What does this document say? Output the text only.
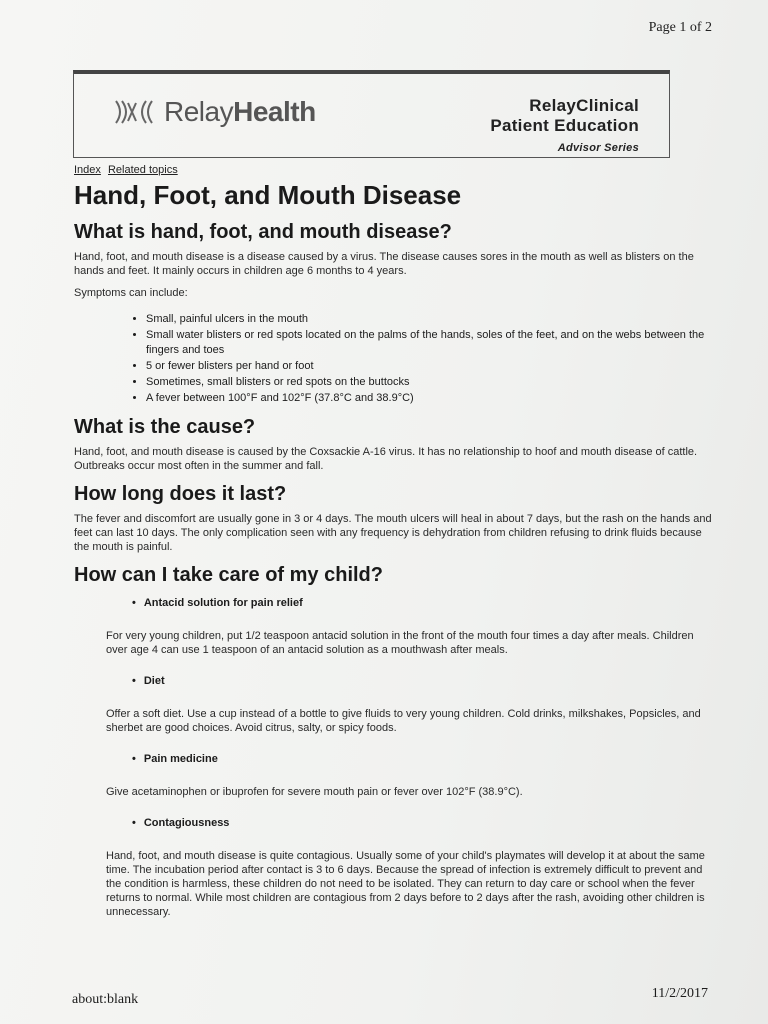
Page 1 of 2
RelayHealth	RelayClinical
Patient Education
Advisor Series
Index Related topics
Hand, Foot, and Mouth Disease
What is hand, foot, and mouth disease?

Hand, foot, and mouth disease is a disease caused by a virus. The disease causes sores in the mouth as well as blisters on the hands and feet. It mainly occurs in children age 6 months to 4 years.

Symptoms can include:

• Small, painful ulcers in the mouth
• Small water blisters or red spots located on the palms of the hands, soles of the feet, and on the webs between the fingers and toes
• 5 or fewer blisters per hand or foot
• Sometimes, small blisters or red spots on the buttocks
• A fever between 100°F and 102°F (37.8°C and 38.9°C)
What is the cause?

Hand, foot, and mouth disease is caused by the Coxsackie A-16 virus. It has no relationship to hoof and mouth disease of cattle. Outbreaks occur most often in the summer and fall.

How long does it last?

The fever and discomfort are usually gone in 3 or 4 days. The mouth ulcers will heal in about 7 days, but the rash on the hands and feet can last 10 days. The only complication seen with any frequency is dehydration from children refusing to drink fluids because the mouth is painful.

How can I take care of my child?
• Antacid solution for pain relief

For very young children, put 1/2 teaspoon antacid solution in the front of the mouth four times a day after meals. Children over age 4 can use 1 teaspoon of an antacid solution as a mouthwash after meals.

• Diet

Offer a soft diet. Use a cup instead of a bottle to give fluids to very young children. Cold drinks, milkshakes, Popsicles, and sherbet are good choices. Avoid citrus, salty, or spicy foods.

• Pain medicine

Give acetaminophen or ibuprofen for severe mouth pain or fever over 102°F (38.9°C).

• Contagiousness

Hand, foot, and mouth disease is quite contagious. Usually some of your child's playmates will develop it at about the same time. The incubation period after contact is 3 to 6 days. Because the spread of infection is extremely difficult to prevent and the condition is harmless, these children do not need to be isolated. They can return to day care or school when the fever returns to normal. While most children are contagious from 2 days before to 2 days after the rash, avoiding other children is unnecessary.

about:blank	11/2/2017
